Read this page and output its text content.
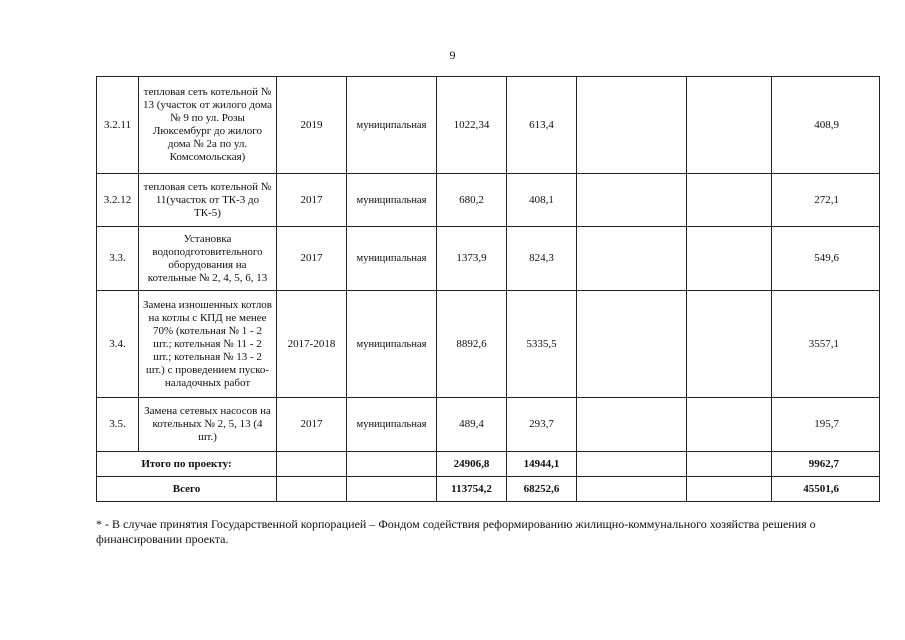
9
3.2.11	тепловая сеть котельной № 13 (участок от жилого дома № 9 по ул. Розы Люксембург до жилого дома № 2а по ул. Комсомольская)	2019	муниципальная	1022,34	613,4			408,9
3.2.12	тепловая сеть котельной № 11(участок от ТК-3 до ТК-5)	2017	муниципальная	680,2	408,1			272,1
3.3.	Установка водоподготовительного оборудования на котельные № 2, 4, 5, 6, 13	2017	муниципальная	1373,9	824,3			549,6
3.4.	Замена изношенных котлов на котлы с КПД не менее 70% (котельная № 1 - 2 шт.; котельная № 11 - 2 шт.; котельная № 13 - 2 шт.) с проведением пуско-наладочных работ	2017-2018	муниципальная	8892,6	5335,5			3557,1
3.5.	Замена сетевых насосов на котельных № 2, 5, 13 (4 шт.)	2017	муниципальная	489,4	293,7			195,7
Итого по проекту:				24906,8	14944,1			9962,7
Всего				113754,2	68252,6			45501,6
* - В случае принятия Государственной корпорацией – Фондом содействия реформированию жилищно-коммунального хозяйства решения о финансировании проекта.
